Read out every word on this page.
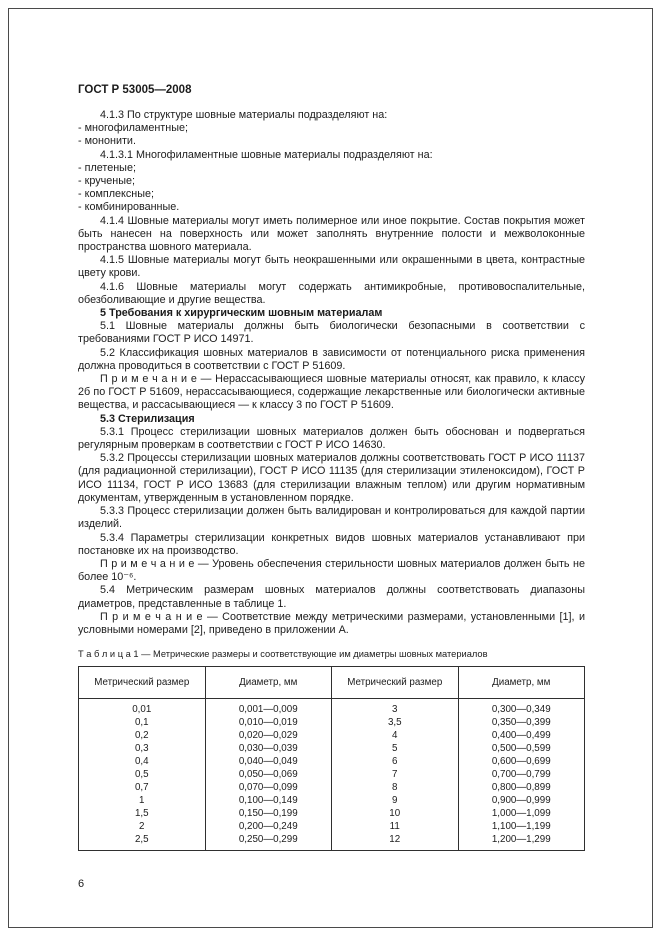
ГОСТ Р 53005—2008

4.1.3 По структуре шовные материалы подразделяют на:

- многофиламентные;

- мононити.

4.1.3.1 Многофиламентные шовные материалы подразделяют на:

- плетеные;

- крученые;

- комплексные;

- комбинированные.

4.1.4 Шовные материалы могут иметь полимерное или иное покрытие. Состав покрытия может быть нанесен на поверхность или может заполнять внутренние полости и межволоконные пространства шовного материала.

4.1.5 Шовные материалы могут быть неокрашенными или окрашенными в цвета, контрастные цвету крови.

4.1.6 Шовные материалы могут содержать антимикробные, противовоспалительные, обезболивающие и другие вещества.

5 Требования к хирургическим шовным материалам

5.1 Шовные материалы должны быть биологически безопасными в соответствии с требованиями ГОСТ Р ИСО 14971.

5.2 Классификация шовных материалов в зависимости от потенциального риска применения должна проводиться в соответствии с ГОСТ Р 51609.

П р и м е ч а н и е — Нерассасывающиеся шовные материалы относят, как правило, к классу 2б по ГОСТ Р 51609, нерассасывающиеся, содержащие лекарственные или биологически активные вещества, и рассасывающиеся — к классу 3 по ГОСТ Р 51609.

5.3 Стерилизация

5.3.1 Процесс стерилизации шовных материалов должен быть обоснован и подвергаться регулярным проверкам в соответствии с ГОСТ Р ИСО 14630.

5.3.2 Процессы стерилизации шовных материалов должны соответствовать ГОСТ Р ИСО 11137 (для радиационной стерилизации), ГОСТ Р ИСО 11135 (для стерилизации этиленоксидом), ГОСТ Р ИСО 11134, ГОСТ Р ИСО 13683 (для стерилизации влажным теплом) или другим нормативным документам, утвержденным в установленном порядке.

5.3.3 Процесс стерилизации должен быть валидирован и контролироваться для каждой партии изделий.

5.3.4 Параметры стерилизации конкретных видов шовных материалов устанавливают при постановке их на производство.

П р и м е ч а н и е — Уровень обеспечения стерильности шовных материалов должен быть не более 10⁻⁶.

5.4 Метрическим размерам шовных материалов должны соответствовать диапазоны диаметров, представленные в таблице 1.

П р и м е ч а н и е — Соответствие между метрическими размерами, установленными [1], и условными номерами [2], приведено в приложении А.

Т а б л и ц а 1 — Метрические размеры и соответствующие им диаметры шовных материалов
Метрический размер	Диаметр, мм	Метрический размер	Диаметр, мм
0,01	0,001—0,009	3	0,300—0,349
0,1	0,010—0,019	3,5	0,350—0,399
0,2	0,020—0,029	4	0,400—0,499
0,3	0,030—0,039	5	0,500—0,599
0,4	0,040—0,049	6	0,600—0,699
0,5	0,050—0,069	7	0,700—0,799
0,7	0,070—0,099	8	0,800—0,899
1	0,100—0,149	9	0,900—0,999
1,5	0,150—0,199	10	1,000—1,099
2	0,200—0,249	11	1,100—1,199
2,5	0,250—0,299	12	1,200—1,299
6
